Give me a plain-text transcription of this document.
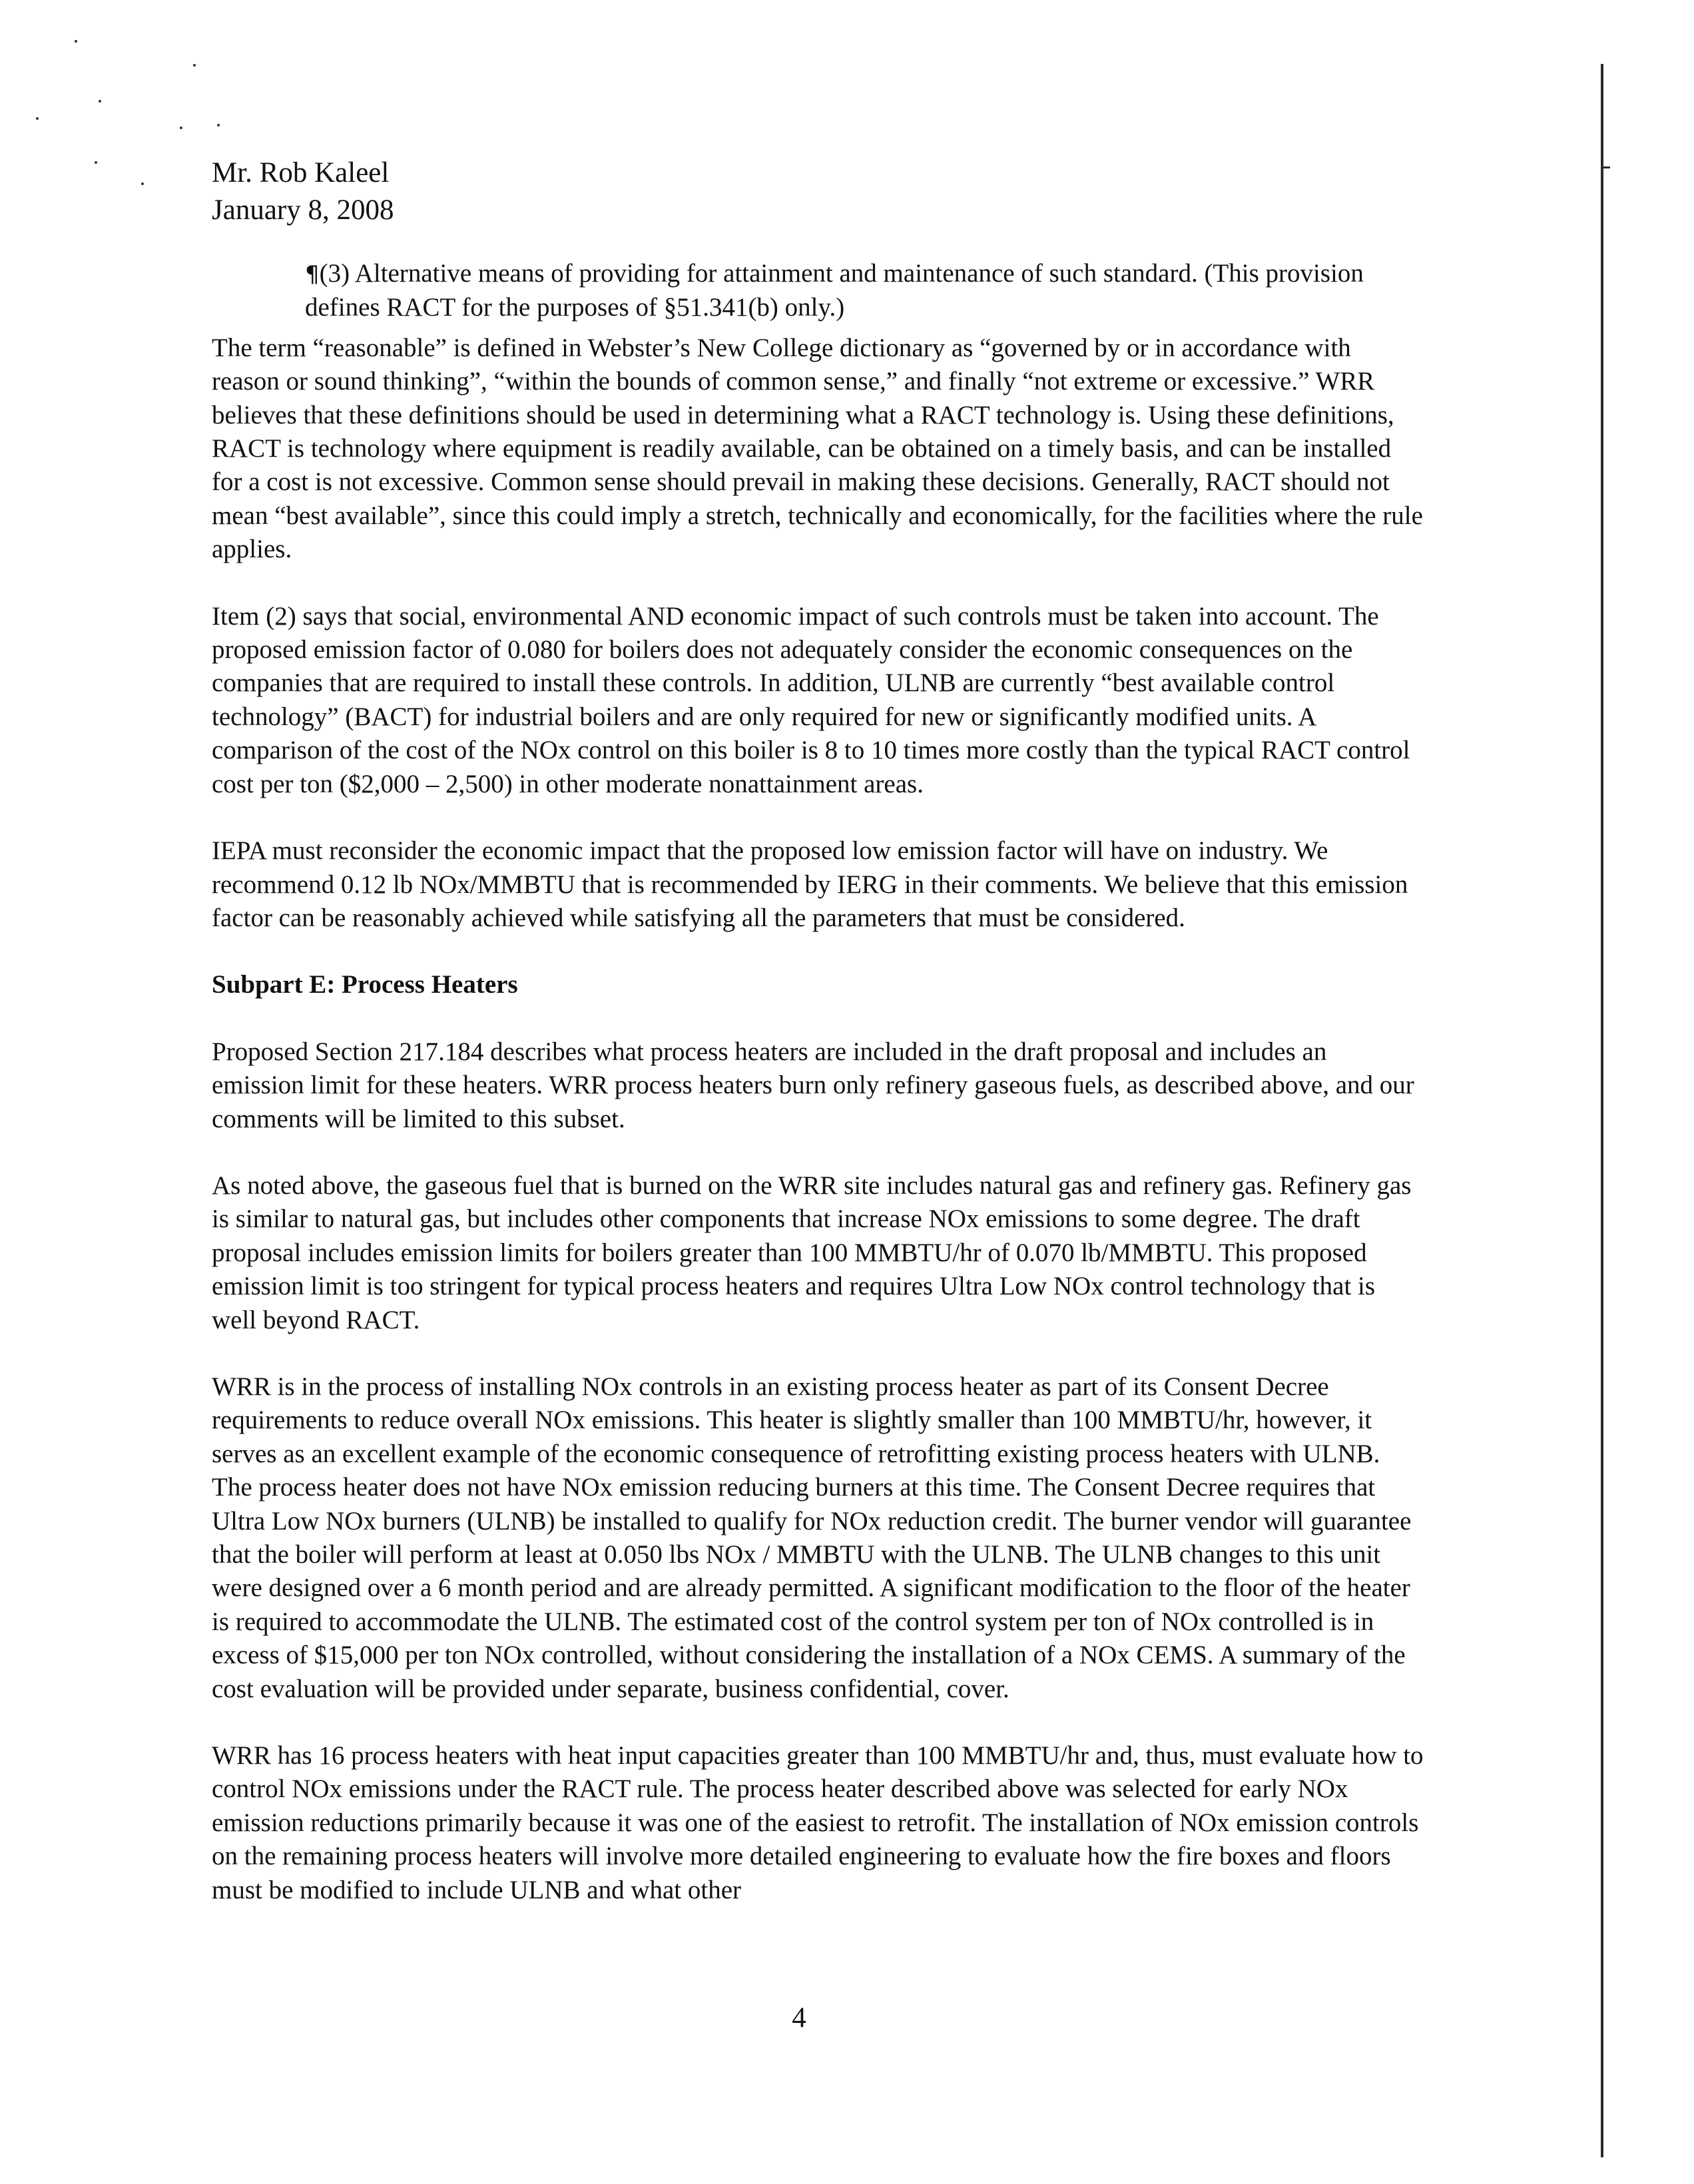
Mr. Rob Kaleel
January 8, 2008

¶(3) Alternative means of providing for attainment and maintenance of such standard. (This provision defines RACT for the purposes of §51.341(b) only.)

The term “reasonable” is defined in Webster’s New College dictionary as “governed by or in accordance with reason or sound thinking”, “within the bounds of common sense,” and finally “not extreme or excessive.” WRR believes that these definitions should be used in determining what a RACT technology is. Using these definitions, RACT is technology where equipment is readily available, can be obtained on a timely basis, and can be installed for a cost is not excessive. Common sense should prevail in making these decisions. Generally, RACT should not mean “best available”, since this could imply a stretch, technically and economically, for the facilities where the rule applies.

Item (2) says that social, environmental AND economic impact of such controls must be taken into account. The proposed emission factor of 0.080 for boilers does not adequately consider the economic consequences on the companies that are required to install these controls. In addition, ULNB are currently “best available control technology” (BACT) for industrial boilers and are only required for new or significantly modified units. A comparison of the cost of the NOx control on this boiler is 8 to 10 times more costly than the typical RACT control cost per ton ($2,000 – 2,500) in other moderate nonattainment areas.

IEPA must reconsider the economic impact that the proposed low emission factor will have on industry. We recommend 0.12 lb NOx/MMBTU that is recommended by IERG in their comments. We believe that this emission factor can be reasonably achieved while satisfying all the parameters that must be considered.

Subpart E: Process Heaters

Proposed Section 217.184 describes what process heaters are included in the draft proposal and includes an emission limit for these heaters. WRR process heaters burn only refinery gaseous fuels, as described above, and our comments will be limited to this subset.

As noted above, the gaseous fuel that is burned on the WRR site includes natural gas and refinery gas. Refinery gas is similar to natural gas, but includes other components that increase NOx emissions to some degree. The draft proposal includes emission limits for boilers greater than 100 MMBTU/hr of 0.070 lb/MMBTU. This proposed emission limit is too stringent for typical process heaters and requires Ultra Low NOx control technology that is well beyond RACT.

WRR is in the process of installing NOx controls in an existing process heater as part of its Consent Decree requirements to reduce overall NOx emissions. This heater is slightly smaller than 100 MMBTU/hr, however, it serves as an excellent example of the economic consequence of retrofitting existing process heaters with ULNB. The process heater does not have NOx emission reducing burners at this time. The Consent Decree requires that Ultra Low NOx burners (ULNB) be installed to qualify for NOx reduction credit. The burner vendor will guarantee that the boiler will perform at least at 0.050 lbs NOx / MMBTU with the ULNB. The ULNB changes to this unit were designed over a 6 month period and are already permitted. A significant modification to the floor of the heater is required to accommodate the ULNB. The estimated cost of the control system per ton of NOx controlled is in excess of $15,000 per ton NOx controlled, without considering the installation of a NOx CEMS. A summary of the cost evaluation will be provided under separate, business confidential, cover.

WRR has 16 process heaters with heat input capacities greater than 100 MMBTU/hr and, thus, must evaluate how to control NOx emissions under the RACT rule. The process heater described above was selected for early NOx emission reductions primarily because it was one of the easiest to retrofit. The installation of NOx emission controls on the remaining process heaters will involve more detailed engineering to evaluate how the fire boxes and floors must be modified to include ULNB and what other

4
